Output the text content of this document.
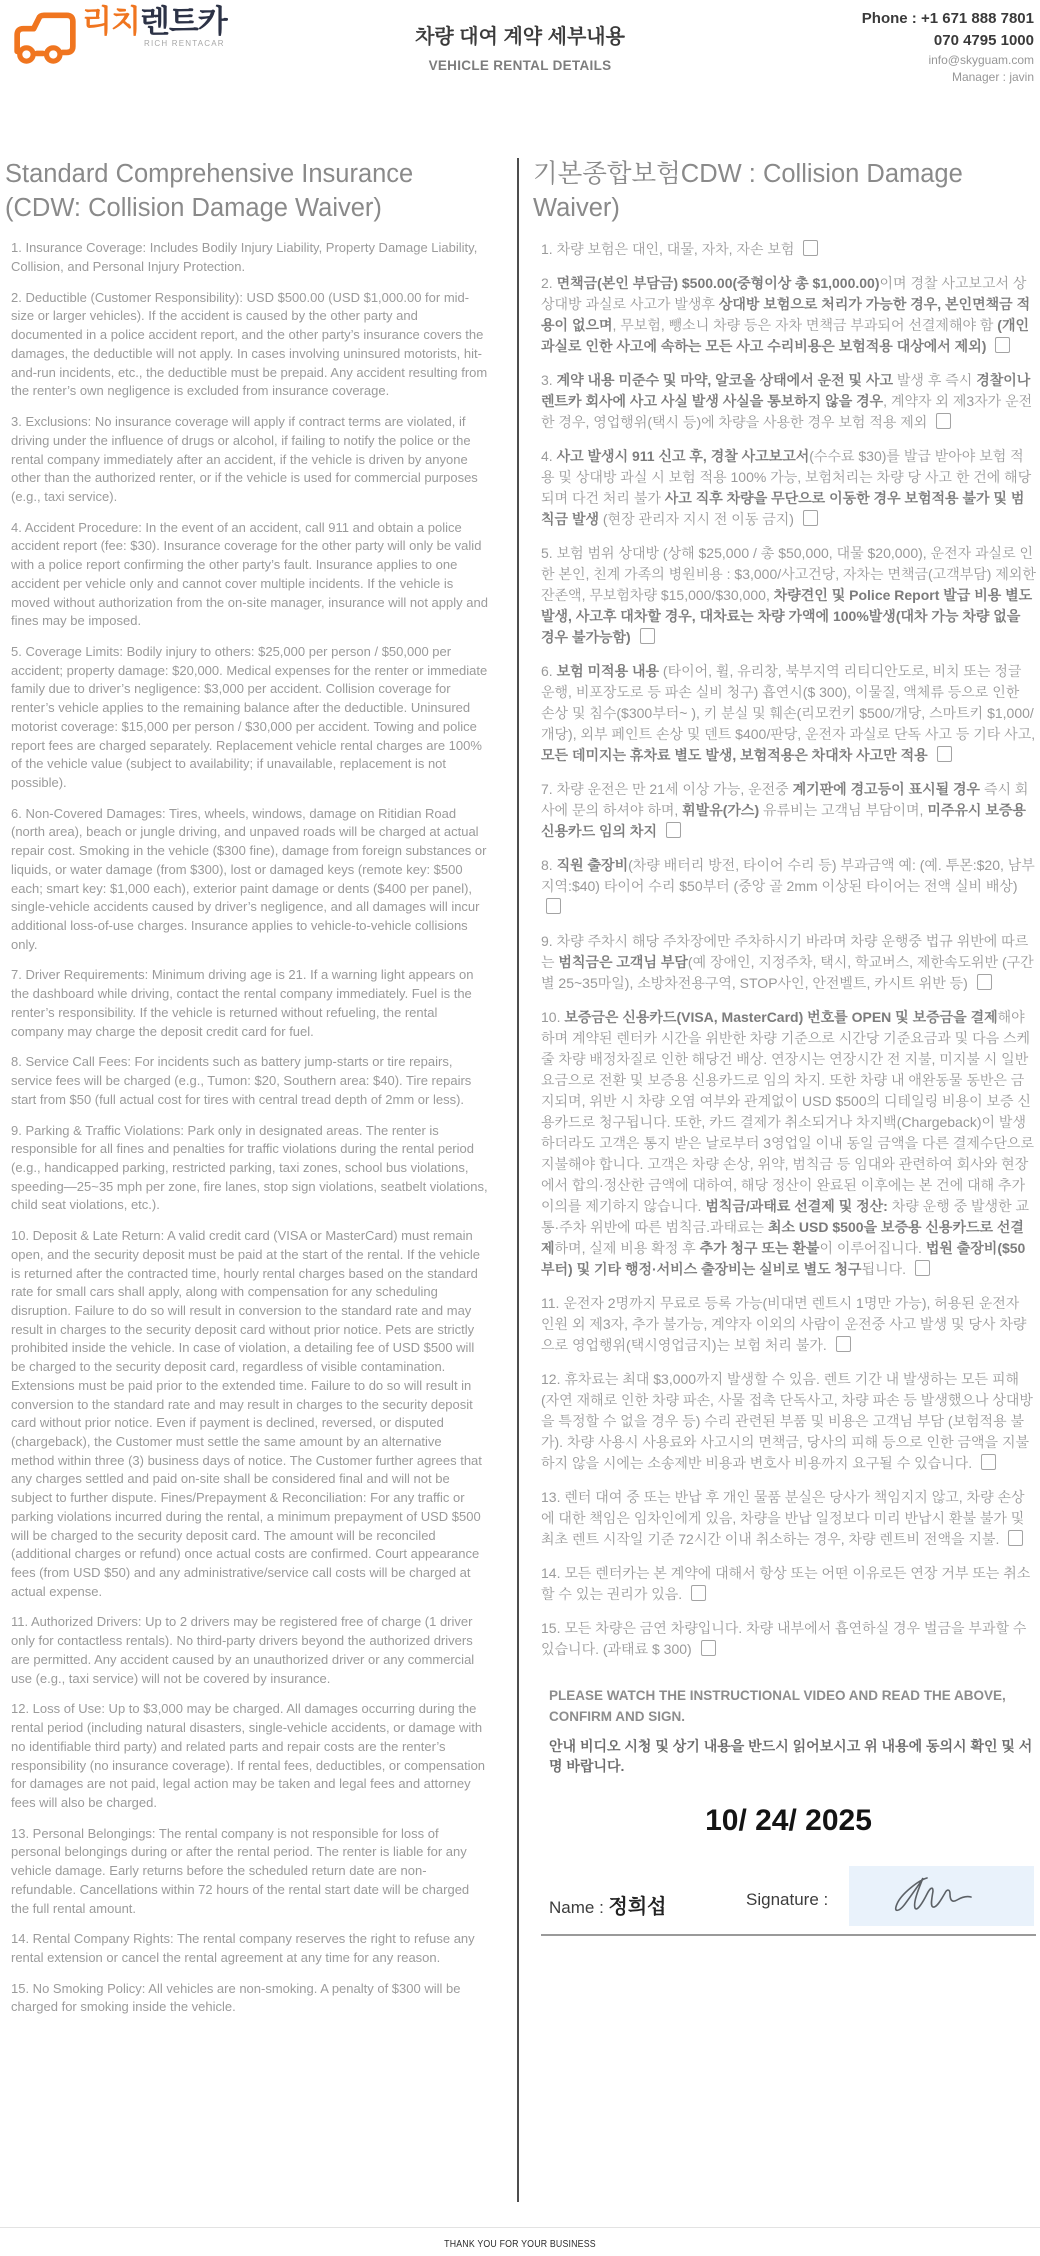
리치렌트카
RICH RENTACAR	차량 대여 계약 세부내용
VEHICLE RENTAL DETAILS
Phone : +1 671 888 7801
070 4795 1000
info@skyguam.com
Manager : javin
Standard Comprehensive Insurance (CDW: Collision Damage Waiver)

1. Insurance Coverage: Includes Bodily Injury Liability, Property Damage Liability, Collision, and Personal Injury Protection.

2. Deductible (Customer Responsibility): USD $500.00 (USD $1,000.00 for mid-size or larger vehicles). If the accident is caused by the other party and documented in a police accident report, and the other party’s insurance covers the damages, the deductible will not apply. In cases involving uninsured motorists, hit-and-run incidents, etc., the deductible must be prepaid. Any accident resulting from the renter’s own negligence is excluded from insurance coverage.

3. Exclusions: No insurance coverage will apply if contract terms are violated, if driving under the influence of drugs or alcohol, if failing to notify the police or the rental company immediately after an accident, if the vehicle is driven by anyone other than the authorized renter, or if the vehicle is used for commercial purposes (e.g., taxi service).

4. Accident Procedure: In the event of an accident, call 911 and obtain a police accident report (fee: $30). Insurance coverage for the other party will only be valid with a police report confirming the other party’s fault. Insurance applies to one accident per vehicle only and cannot cover multiple incidents. If the vehicle is moved without authorization from the on-site manager, insurance will not apply and fines may be imposed.

5. Coverage Limits: Bodily injury to others: $25,000 per person / $50,000 per accident; property damage: $20,000. Medical expenses for the renter or immediate family due to driver’s negligence: $3,000 per accident. Collision coverage for renter’s vehicle applies to the remaining balance after the deductible. Uninsured motorist coverage: $15,000 per person / $30,000 per accident. Towing and police report fees are charged separately. Replacement vehicle rental charges are 100% of the vehicle value (subject to availability; if unavailable, replacement is not possible).

6. Non-Covered Damages: Tires, wheels, windows, damage on Ritidian Road (north area), beach or jungle driving, and unpaved roads will be charged at actual repair cost. Smoking in the vehicle ($300 fine), damage from foreign substances or liquids, or water damage (from $300), lost or damaged keys (remote key: $500 each; smart key: $1,000 each), exterior paint damage or dents ($400 per panel), single-vehicle accidents caused by driver’s negligence, and all damages will incur additional loss-of-use charges. Insurance applies to vehicle-to-vehicle collisions only.

7. Driver Requirements: Minimum driving age is 21. If a warning light appears on the dashboard while driving, contact the rental company immediately. Fuel is the renter’s responsibility. If the vehicle is returned without refueling, the rental company may charge the deposit credit card for fuel.

8. Service Call Fees: For incidents such as battery jump-starts or tire repairs, service fees will be charged (e.g., Tumon: $20, Southern area: $40). Tire repairs start from $50 (full actual cost for tires with central tread depth of 2mm or less).

9. Parking & Traffic Violations: Park only in designated areas. The renter is responsible for all fines and penalties for traffic violations during the rental period (e.g., handicapped parking, restricted parking, taxi zones, school bus violations, speeding—25~35 mph per zone, fire lanes, stop sign violations, seatbelt violations, child seat violations, etc.).

10. Deposit & Late Return: A valid credit card (VISA or MasterCard) must remain open, and the security deposit must be paid at the start of the rental. If the vehicle is returned after the contracted time, hourly rental charges based on the standard rate for small cars shall apply, along with compensation for any scheduling disruption. Failure to do so will result in conversion to the standard rate and may result in charges to the security deposit card without prior notice. Pets are strictly prohibited inside the vehicle. In case of violation, a detailing fee of USD $500 will be charged to the security deposit card, regardless of visible contamination. Extensions must be paid prior to the extended time. Failure to do so will result in conversion to the standard rate and may result in charges to the security deposit card without prior notice. Even if payment is declined, reversed, or disputed (chargeback), the Customer must settle the same amount by an alternative method within three (3) business days of notice. The Customer further agrees that any charges settled and paid on-site shall be considered final and will not be subject to further dispute. Fines/Prepayment & Reconciliation: For any traffic or parking violations incurred during the rental, a minimum prepayment of USD $500 will be charged to the security deposit card. The amount will be reconciled (additional charges or refund) once actual costs are confirmed. Court appearance fees (from USD $50) and any administrative/service call costs will be charged at actual expense.

11. Authorized Drivers: Up to 2 drivers may be registered free of charge (1 driver only for contactless rentals). No third-party drivers beyond the authorized drivers are permitted. Any accident caused by an unauthorized driver or any commercial use (e.g., taxi service) will not be covered by insurance.

12. Loss of Use: Up to $3,000 may be charged. All damages occurring during the rental period (including natural disasters, single-vehicle accidents, or damage with no identifiable third party) and related parts and repair costs are the renter’s responsibility (no insurance coverage). If rental fees, deductibles, or compensation for damages are not paid, legal action may be taken and legal fees and attorney fees will also be charged.

13. Personal Belongings: The rental company is not responsible for loss of personal belongings during or after the rental period. The renter is liable for any vehicle damage. Early returns before the scheduled return date are non-refundable. Cancellations within 72 hours of the rental start date will be charged the full rental amount.

14. Rental Company Rights: The rental company reserves the right to refuse any rental extension or cancel the rental agreement at any time for any reason.

15. No Smoking Policy: All vehicles are non-smoking. A penalty of $300 will be charged for smoking inside the vehicle.

기본종합보험CDW : Collision Damage Waiver)

1. 차량 보험은 대인, 대물, 자차, 자손 보험

2. 면책금(본인 부담금) $500.00(중형이상 총 $1,000.00)이며 경찰 사고보고서 상 상대방 과실로 사고가 발생후 상대방 보험으로 처리가 가능한 경우, 본인면책금 적용이 없으며, 무보험, 뺑소니 차량 등은 자차 면책금 부과되어 선결제해야 함 (개인 과실로 인한 사고에 속하는 모든 사고 수리비용은 보험적용 대상에서 제외)

3. 계약 내용 미준수 및 마약, 알코올 상태에서 운전 및 사고 발생 후 즉시 경찰이나 렌트카 회사에 사고 사실 발생 사실을 통보하지 않을 경우, 계약자 외 제3자가 운전한 경우, 영업행위(택시 등)에 차량을 사용한 경우 보험 적용 제외

4. 사고 발생시 911 신고 후, 경찰 사고보고서(수수료 $30)를 발급 받아야 보험 적용 및 상대방 과실 시 보험 적용 100% 가능, 보험처리는 차량 당 사고 한 건에 해당되며 다건 처리 불가 사고 직후 차량을 무단으로 이동한 경우 보험적용 불가 및 범칙금 발생 (현장 관리자 지시 전 이동 금지)

5. 보험 범위 상대방 (상해 $25,000 / 총 $50,000, 대물 $20,000), 운전자 과실로 인한 본인, 친계 가족의 병원비용 : $3,000/사고건당, 자차는 면책금(고객부담) 제외한 잔존액, 무보험차량 $15,000/$30,000, 차량견인 및 Police Report 발급 비용 별도 발생, 사고후 대차할 경우, 대차료는 차량 가액에 100%발생(대차 가능 차량 없을 경우 불가능함)

6. 보험 미적용 내용 (타이어, 휠, 유리창, 북부지역 리티디안도로, 비치 또는 정글 운행, 비포장도로 등 파손 실비 청구) 흡연시($ 300), 이물질, 액체류 등으로 인한 손상 및 침수($300부터~ ), 키 분실 및 훼손(리모컨키 $500/개당, 스마트키 $1,000/개당), 외부 페인트 손상 및 덴트 $400/판당, 운전자 과실로 단독 사고 등 기타 사고, 모든 데미지는 휴차료 별도 발생, 보험적용은 차대차 사고만 적용

7. 차량 운전은 만 21세 이상 가능, 운전중 계기판에 경고등이 표시될 경우 즉시 회사에 문의 하셔야 하며, 휘발유(가스) 유류비는 고객님 부담이며, 미주유시 보증용 신용카드 임의 차지

8. 직원 출장비(차량 배터리 방전, 타이어 수리 등) 부과금액 예: (예. 투몬:$20, 남부지역:$40) 타이어 수리 $50부터 (중앙 골 2mm 이상된 타이어는 전액 실비 배상)

9. 차량 주차시 해당 주차장에만 주차하시기 바라며 차량 운행중 법규 위반에 따르는 범칙금은 고객님 부담(예 장애인, 지정주차, 택시, 학교버스, 제한속도위반 (구간별 25~35마일), 소방차전용구역, STOP사인, 안전벨트, 카시트 위반 등)

10. 보증금은 신용카드(VISA, MasterCard) 번호를 OPEN 및 보증금을 결제해야 하며 계약된 렌터카 시간을 위반한 차량 기준으로 시간당 기준요금과 및 다음 스케줄 차량 배정차질로 인한 해당건 배상. 연장시는 연장시간 전 지불, 미지불 시 일반요금으로 전환 및 보증용 신용카드로 임의 차지. 또한 차량 내 애완동물 동반은 금지되며, 위반 시 차량 오염 여부와 관계없이 USD $500의 디테일링 비용이 보증 신용카드로 청구됩니다. 또한, 카드 결제가 취소되거나 차지백(Chargeback)이 발생하더라도 고객은 통지 받은 날로부터 3영업일 이내 동일 금액을 다른 결제수단으로 지불해야 합니다. 고객은 차량 손상, 위약, 범칙금 등 임대와 관련하여 회사와 현장에서 합의·정산한 금액에 대하여, 해당 정산이 완료된 이후에는 본 건에 대해 추가 이의를 제기하지 않습니다. 범칙금/과태료 선결제 및 정산: 차량 운행 중 발생한 교통·주차 위반에 따른 범칙금.과태료는 최소 USD $500을 보증용 신용카드로 선결제하며, 실제 비용 확정 후 추가 청구 또는 환불이 이루어집니다. 법원 출장비($50부터) 및 기타 행정·서비스 출장비는 실비로 별도 청구됩니다.

11. 운전자 2명까지 무료로 등록 가능(비대면 렌트시 1명만 가능), 허용된 운전자 인원 외 제3자, 추가 불가능, 계약자 이외의 사람이 운전중 사고 발생 및 당사 차량으로 영업행위(택시영업금지)는 보험 처리 불가.

12. 휴차료는 최대 $3,000까지 발생할 수 있음. 렌트 기간 내 발생하는 모든 피해 (자연 재해로 인한 차량 파손, 사물 접촉 단독사고, 차량 파손 등 발생했으나 상대방을 특정할 수 없을 경우 등) 수리 관련된 부품 및 비용은 고객님 부담 (보험적용 불가). 차량 사용시 사용료와 사고시의 면책금, 당사의 피해 등으로 인한 금액을 지불하지 않을 시에는 소송제반 비용과 변호사 비용까지 요구될 수 있습니다.

13. 렌터 대여 중 또는 반납 후 개인 물품 분실은 당사가 책임지지 않고, 차량 손상에 대한 책임은 임차인에게 있음, 차량을 반납 일정보다 미리 반납시 환불 불가 및 최초 렌트 시작일 기준 72시간 이내 취소하는 경우, 차량 렌트비 전액을 지불.

14. 모든 렌터카는 본 계약에 대해서 항상 또는 어떤 이유로든 연장 거부 또는 취소할 수 있는 권리가 있음.

15. 모든 차량은 금연 차량입니다. 차량 내부에서 흡연하실 경우 벌금을 부과할 수 있습니다. (과태료 $ 300)

PLEASE WATCH THE INSTRUCTIONAL VIDEO AND READ THE ABOVE, CONFIRM AND SIGN.
안내 비디오 시청 및 상기 내용을 반드시 읽어보시고 위 내용에 동의시 확인 및 서명 바랍니다.
10/ 24/ 2025
Name : 정희섭	Signature :
THANK YOU FOR YOUR BUSINESS
